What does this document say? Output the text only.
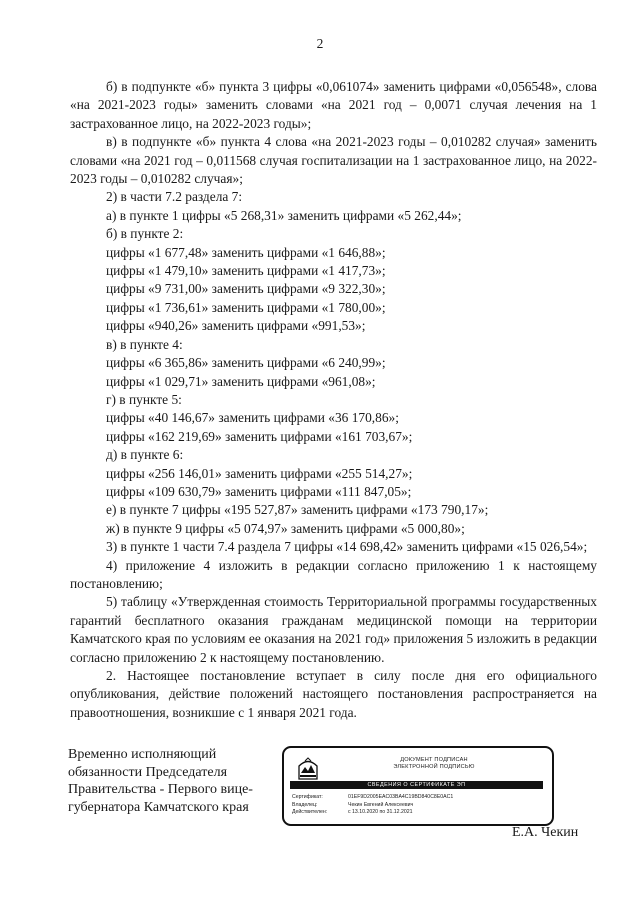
2

б) в подпункте «б» пункта 3 цифры «0,061074» заменить цифрами «0,056548», слова «на 2021-2023 годы» заменить словами «на 2021 год – 0,0071 случая лечения на 1 застрахованное лицо, на 2022-2023 годы»;

в) в подпункте «б» пункта 4 слова «на 2021-2023 годы – 0,010282 случая» заменить словами «на 2021 год – 0,011568 случая госпитализации на 1 застрахованное лицо, на 2022-2023 годы – 0,010282 случая»;

2) в части 7.2 раздела 7:

а) в пункте 1 цифры «5 268,31» заменить цифрами «5 262,44»;

б) в пункте 2:

цифры «1 677,48» заменить цифрами «1 646,88»;

цифры «1 479,10» заменить цифрами «1 417,73»;

цифры «9 731,00» заменить цифрами «9 322,30»;

цифры «1 736,61» заменить цифрами «1 780,00»;

цифры «940,26» заменить цифрами «991,53»;

в) в пункте 4:

цифры «6 365,86» заменить цифрами «6 240,99»;

цифры «1 029,71» заменить цифрами «961,08»;

г) в пункте 5:

цифры «40 146,67» заменить цифрами «36 170,86»;

цифры «162 219,69» заменить цифрами «161 703,67»;

д) в пункте 6:

цифры «256 146,01» заменить цифрами «255 514,27»;

цифры «109 630,79» заменить цифрами «111 847,05»;

е) в пункте 7 цифры «195 527,87» заменить цифрами «173 790,17»;

ж) в пункте 9 цифры «5 074,97» заменить цифрами «5 000,80»;

3) в пункте 1 части 7.4 раздела 7 цифры «14 698,42» заменить цифрами «15 026,54»;

4) приложение 4 изложить в редакции согласно приложению 1 к настоящему постановлению;

5) таблицу «Утвержденная стоимость Территориальной программы государственных гарантий бесплатного оказания гражданам медицинской помощи на территории Камчатского края по условиям ее оказания на 2021 год» приложения 5 изложить в редакции согласно приложению 2 к настоящему постановлению.

2. Настоящее постановление вступает в силу после дня его официального опубликования, действие положений настоящего постановления распространяется на правоотношения, возникшие с 1 января 2021 года.

Временно исполняющий
обязанности Председателя
Правительства - Первого вице-
губернатора Камчатского края
ДОКУМЕНТ ПОДПИСАН
ЭЛЕКТРОННОЙ ПОДПИСЬЮ
СВЕДЕНИЯ О СЕРТИФИКАТЕ ЭП
Сертификат:	01EF9D2005EAC03BA4C19BD840C8E0AC1
Владелец:	Чекин Евгений Алексеевич
Действителен:	с 13.10.2020 по 31.12.2021
Е.А. Чекин
